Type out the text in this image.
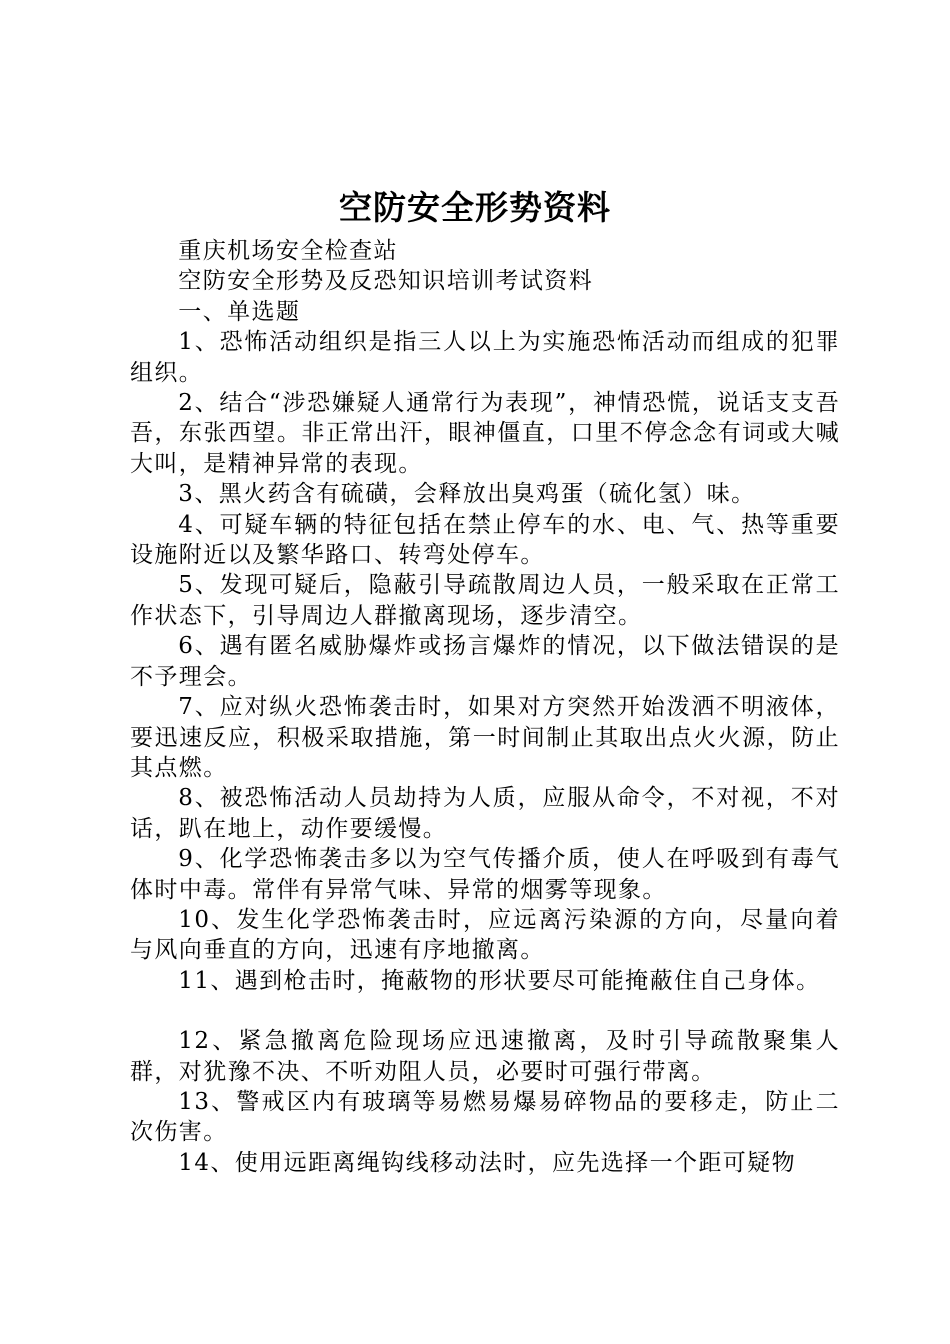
空防安全形势资料

重庆机场安全检查站

空防安全形势及反恐知识培训考试资料

一、单选题

1、恐怖活动组织是指三人以上为实施恐怖活动而组成的犯罪组织。

2、结合“涉恐嫌疑人通常行为表现”，神情恐慌，说话支支吾吾，东张西望。非正常出汗，眼神僵直，口里不停念念有词或大喊大叫，是精神异常的表现。

3、黑火药含有硫磺，会释放出臭鸡蛋（硫化氢）味。

4、可疑车辆的特征包括在禁止停车的水、电、气、热等重要设施附近以及繁华路口、转弯处停车。

5、发现可疑后，隐蔽引导疏散周边人员，一般采取在正常工作状态下，引导周边人群撤离现场，逐步清空。

6、遇有匿名威胁爆炸或扬言爆炸的情况，以下做法错误的是不予理会。

7、应对纵火恐怖袭击时，如果对方突然开始泼洒不明液体，要迅速反应，积极采取措施，第一时间制止其取出点火火源，防止其点燃。

8、被恐怖活动人员劫持为人质，应服从命令，不对视，不对话，趴在地上，动作要缓慢。

9、化学恐怖袭击多以为空气传播介质，使人在呼吸到有毒气体时中毒。常伴有异常气味、异常的烟雾等现象。

10、发生化学恐怖袭击时，应远离污染源的方向，尽量向着与风向垂直的方向，迅速有序地撤离。

11、遇到枪击时，掩蔽物的形状要尽可能掩蔽住自己身体。

12、紧急撤离危险现场应迅速撤离，及时引导疏散聚集人群，对犹豫不决、不听劝阻人员，必要时可强行带离。

13、警戒区内有玻璃等易燃易爆易碎物品的要移走，防止二次伤害。

14、使用远距离绳钩线移动法时，应先选择一个距可疑物
